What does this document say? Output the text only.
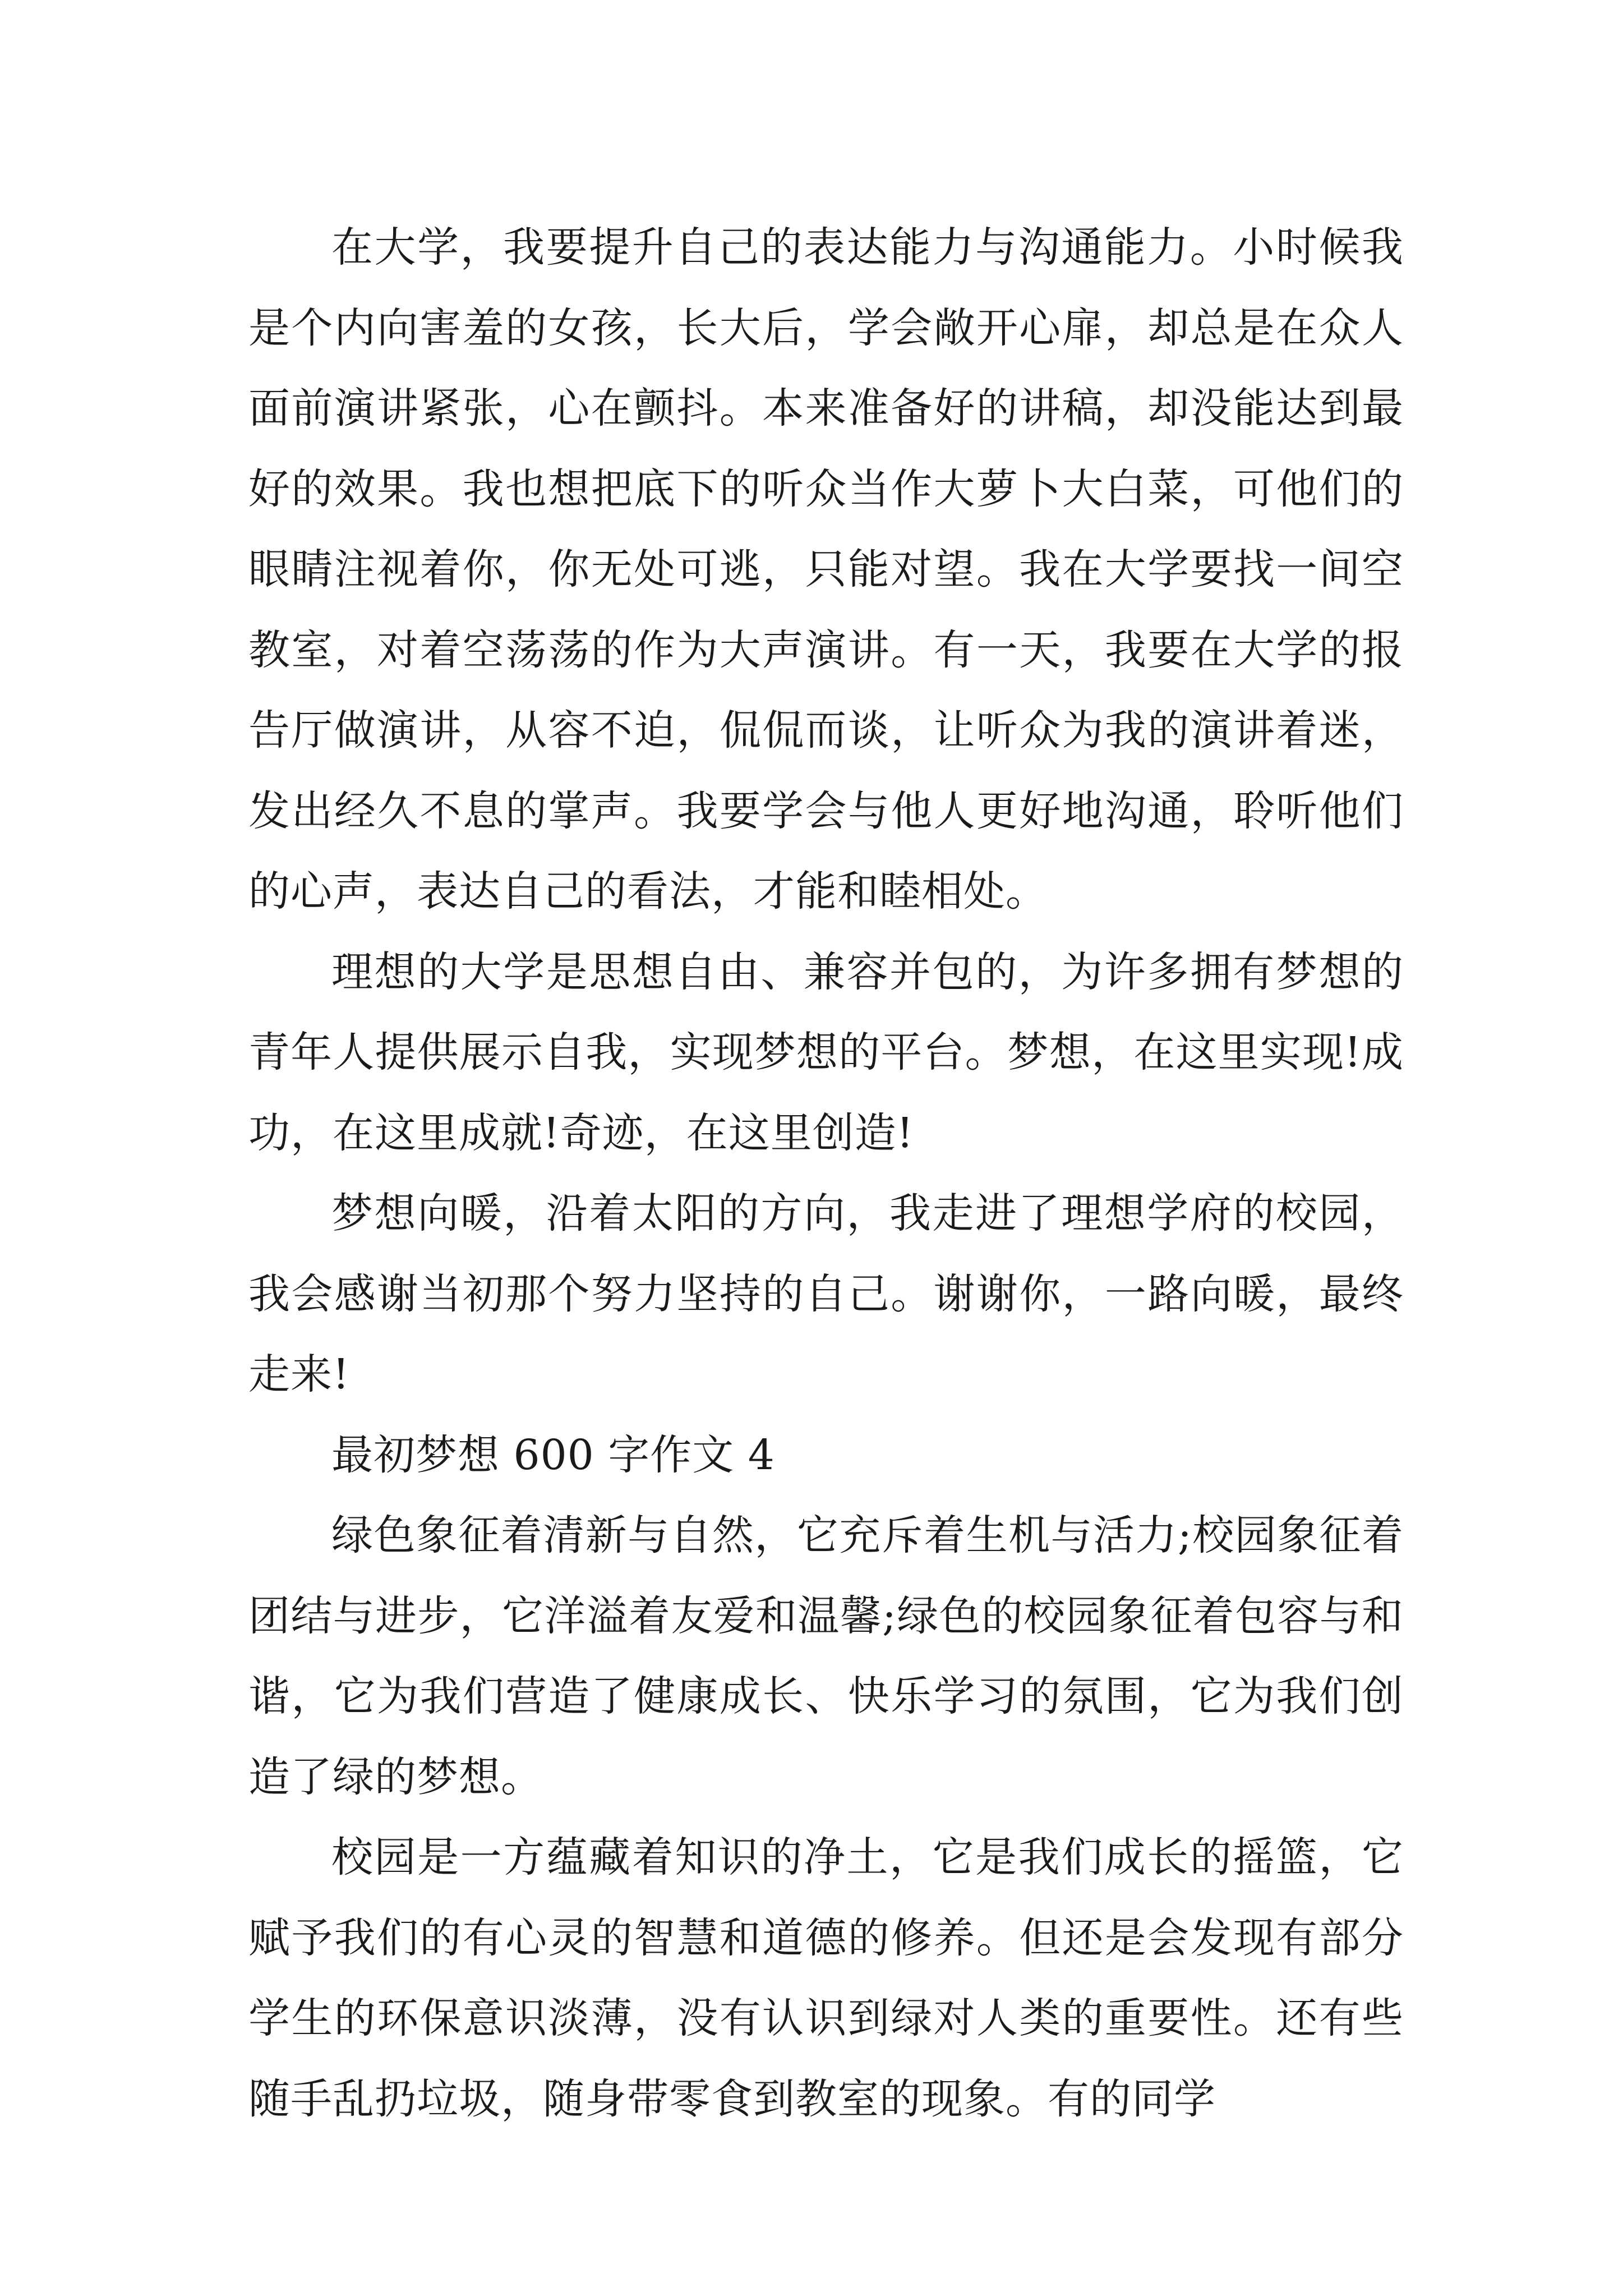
在大学，我要提升自己的表达能力与沟通能力。小时候我是个内向害羞的女孩，长大后，学会敞开心扉，却总是在众人面前演讲紧张，心在颤抖。本来准备好的讲稿，却没能达到最好的效果。我也想把底下的听众当作大萝卜大白菜，可他们的眼睛注视着你，你无处可逃，只能对望。我在大学要找一间空教室，对着空荡荡的作为大声演讲。有一天，我要在大学的报告厅做演讲，从容不迫，侃侃而谈，让听众为我的演讲着迷，发出经久不息的掌声。我要学会与他人更好地沟通，聆听他们的心声，表达自己的看法，才能和睦相处。

理想的大学是思想自由、兼容并包的，为许多拥有梦想的青年人提供展示自我，实现梦想的平台。梦想，在这里实现!成功，在这里成就!奇迹，在这里创造!

梦想向暖，沿着太阳的方向，我走进了理想学府的校园，我会感谢当初那个努力坚持的自己。谢谢你，一路向暖，最终走来!

最初梦想 600 字作文 4

绿色象征着清新与自然，它充斥着生机与活力;校园象征着团结与进步，它洋溢着友爱和温馨;绿色的校园象征着包容与和谐，它为我们营造了健康成长、快乐学习的氛围，它为我们创造了绿的梦想。

校园是一方蕴藏着知识的净土，它是我们成长的摇篮，它赋予我们的有心灵的智慧和道德的修养。但还是会发现有部分学生的环保意识淡薄，没有认识到绿对人类的重要性。还有些随手乱扔垃圾，随身带零食到教室的现象。有的同学
